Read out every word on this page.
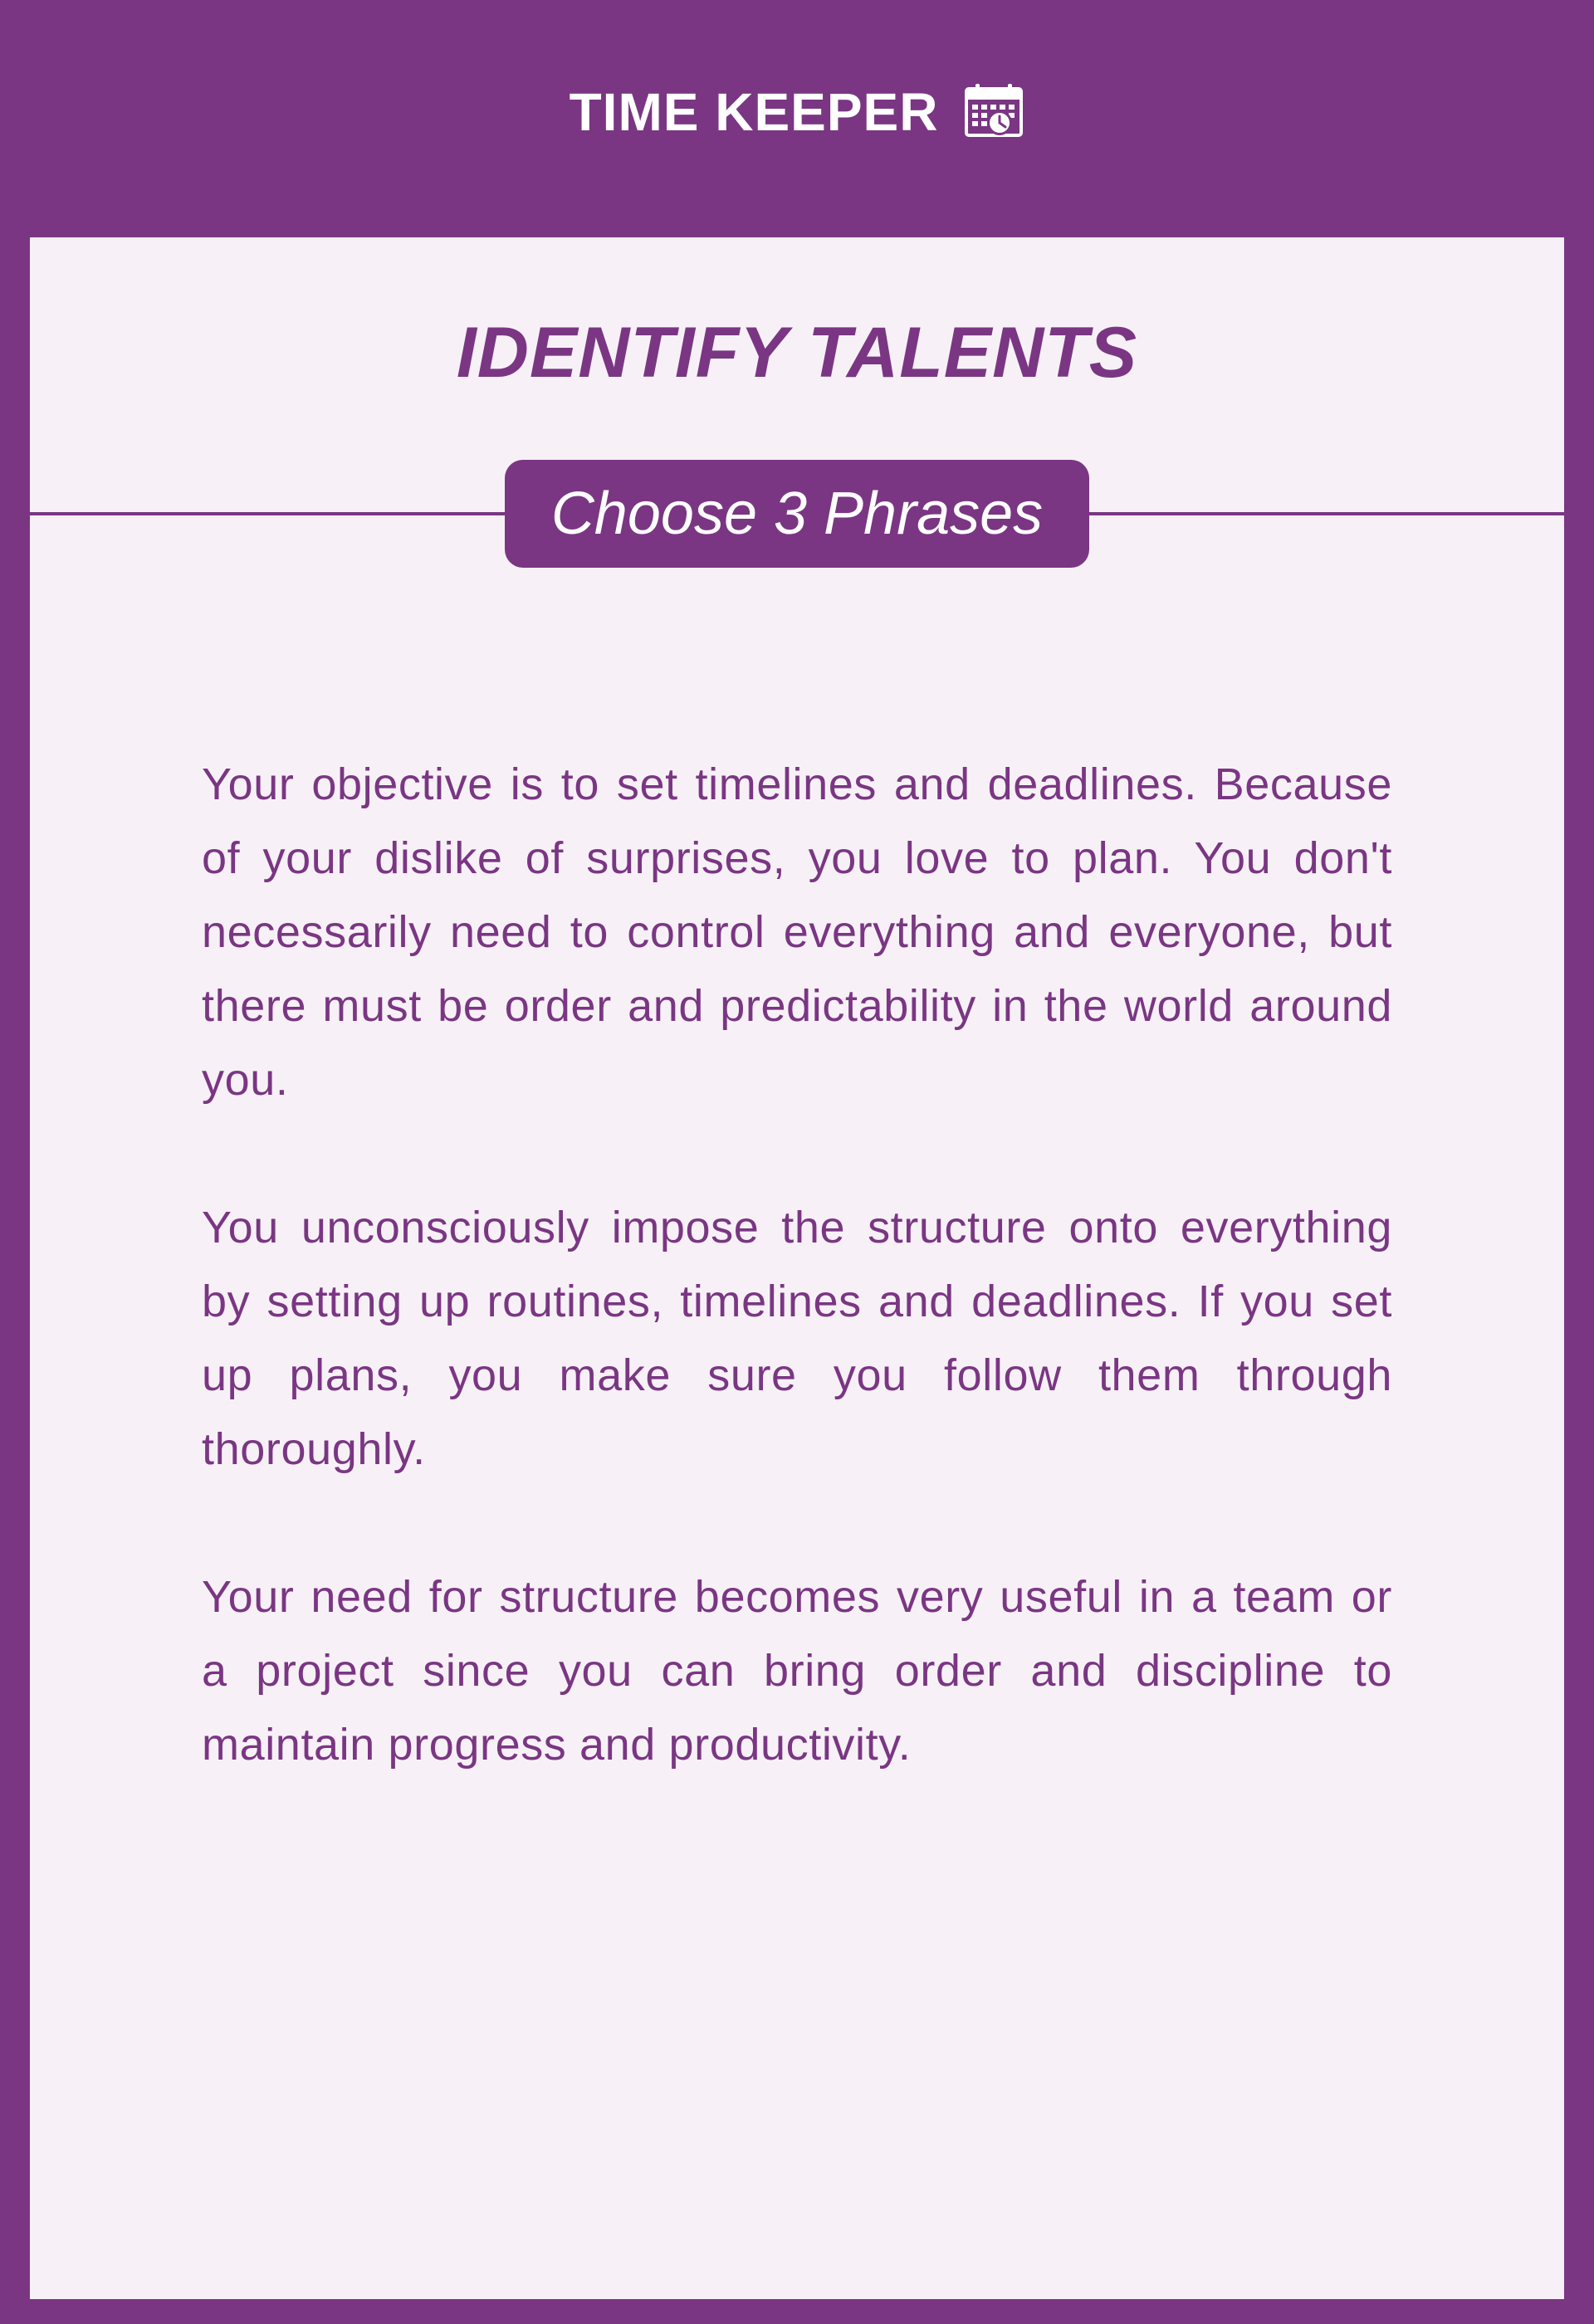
TIME KEEPER
IDENTIFY TALENTS
Choose 3 Phrases

Your objective is to set timelines and deadlines. Because of your dislike of surprises, you love to plan. You don't necessarily need to control everything and everyone, but there must be order and predictability in the world around you.

You unconsciously impose the structure onto everything by setting up routines, timelines and deadlines. If you set up plans, you make sure you follow them through thoroughly.

Your need for structure becomes very useful in a team or a project since you can bring order and discipline to maintain progress and productivity.
